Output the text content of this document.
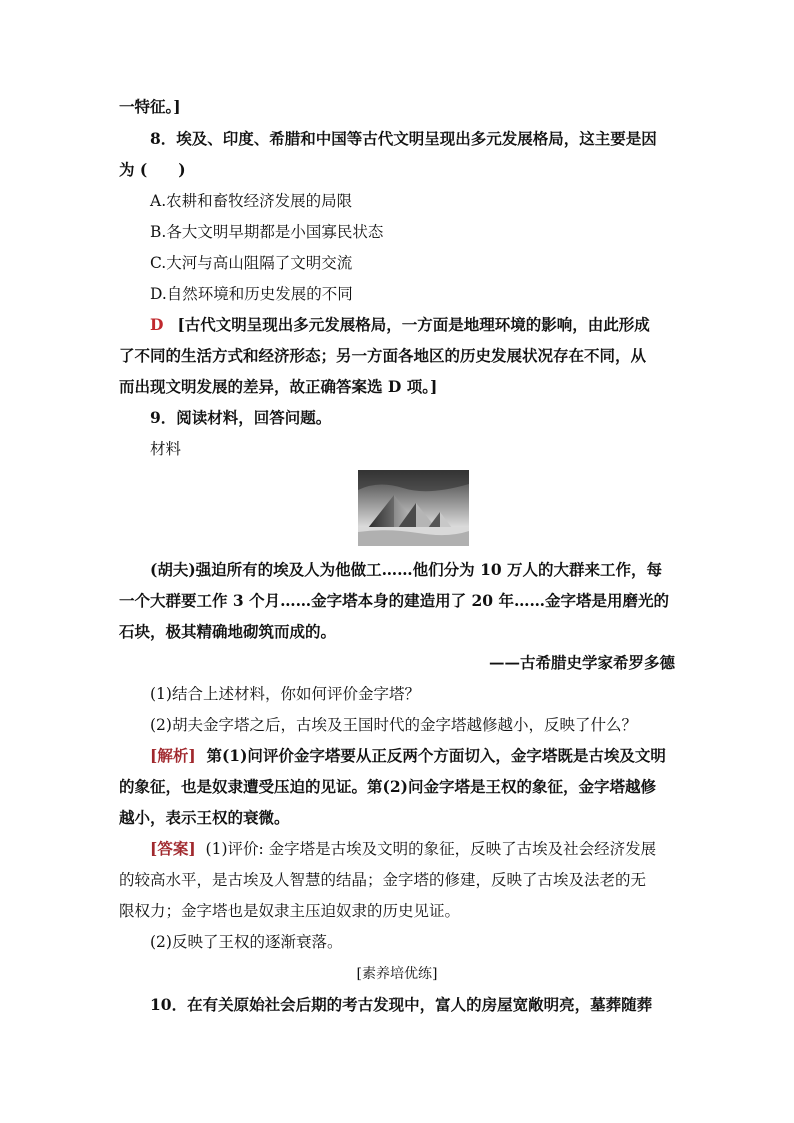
一特征。]
8．埃及、印度、希腊和中国等古代文明呈现出多元发展格局，这主要是因
为 (　　)
A.农耕和畜牧经济发展的局限
B.各大文明早期都是小国寡民状态
C.大河与高山阻隔了文明交流
D.自然环境和历史发展的不同
D [古代文明呈现出多元发展格局，一方面是地理环境的影响，由此形成
了不同的生活方式和经济形态；另一方面各地区的历史发展状况存在不同，从
而出现文明发展的差异，故正确答案选 D 项。]
9．阅读材料，回答问题。
材料
(胡夫)强迫所有的埃及人为他做工……他们分为 10 万人的大群来工作，每
一个大群要工作 3 个月……金字塔本身的建造用了 20 年……金字塔是用磨光的
石块，极其精确地砌筑而成的。
——古希腊史学家希罗多德
(1)结合上述材料，你如何评价金字塔？
(2)胡夫金字塔之后，古埃及王国时代的金字塔越修越小，反映了什么？
[解析] 第(1)问评价金字塔要从正反两个方面切入，金字塔既是古埃及文明
的象征，也是奴隶遭受压迫的见证。第(2)问金字塔是王权的象征，金字塔越修
越小，表示王权的衰微。
[答案] (1)评价: 金字塔是古埃及文明的象征，反映了古埃及社会经济发展
的较高水平，是古埃及人智慧的结晶；金字塔的修建，反映了古埃及法老的无
限权力；金字塔也是奴隶主压迫奴隶的历史见证。
(2)反映了王权的逐渐衰落。
[素养培优练]
10．在有关原始社会后期的考古发现中，富人的房屋宽敞明亮，墓葬随葬
